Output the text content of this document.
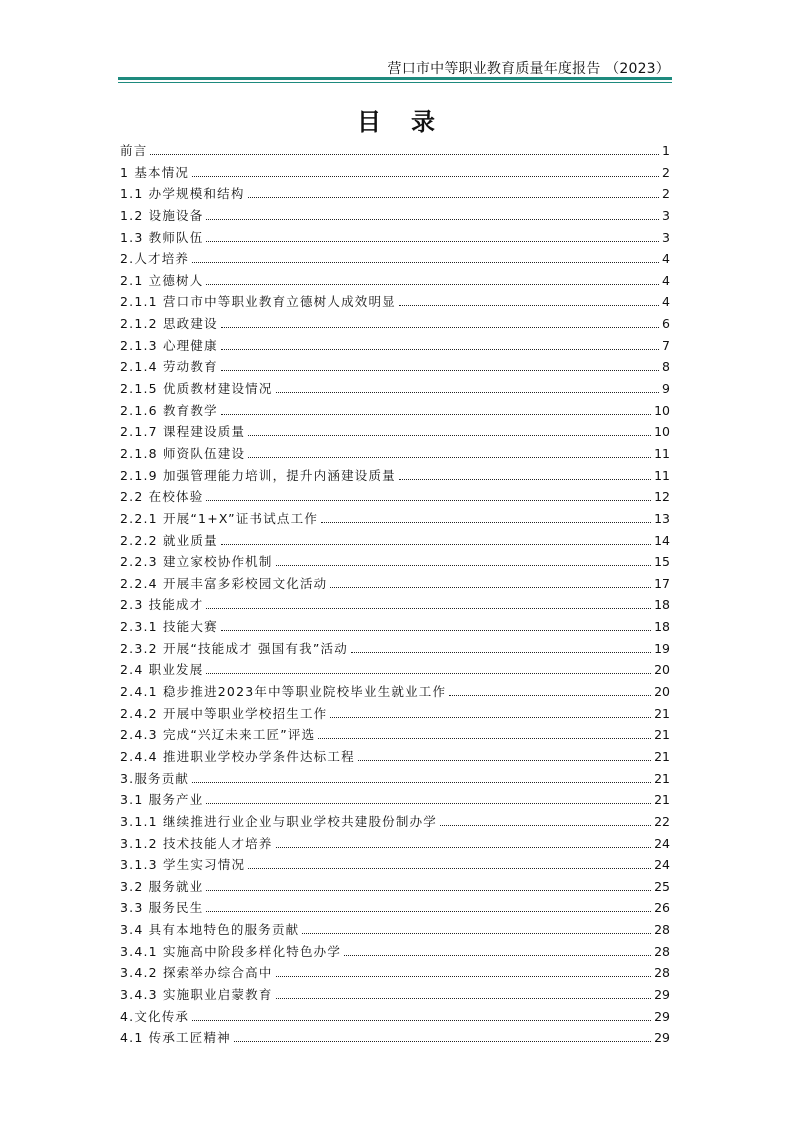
营口市中等职业教育质量年度报告 （2023）
目录
前言	1
1 基本情况	2
1.1 办学规模和结构	2
1.2 设施设备	3
1.3 教师队伍	3
2.人才培养	4
2.1 立德树人	4
2.1.1 营口市中等职业教育立德树人成效明显	4
2.1.2 思政建设	6
2.1.3 心理健康	7
2.1.4 劳动教育	8
2.1.5 优质教材建设情况	9
2.1.6 教育教学	10
2.1.7 课程建设质量	10
2.1.8 师资队伍建设	11
2.1.9 加强管理能力培训，提升内涵建设质量	11
2.2 在校体验	12
2.2.1 开展“1+X”证书试点工作	13
2.2.2 就业质量	14
2.2.3 建立家校协作机制	15
2.2.4 开展丰富多彩校园文化活动	17
2.3 技能成才	18
2.3.1 技能大赛	18
2.3.2 开展“技能成才 强国有我”活动	19
2.4 职业发展	20
2.4.1 稳步推进2023年中等职业院校毕业生就业工作	20
2.4.2 开展中等职业学校招生工作	21
2.4.3 完成“兴辽未来工匠”评选	21
2.4.4 推进职业学校办学条件达标工程	21
3.服务贡献	21
3.1 服务产业	21
3.1.1 继续推进行业企业与职业学校共建股份制办学	22
3.1.2 技术技能人才培养	24
3.1.3 学生实习情况	24
3.2 服务就业	25
3.3 服务民生	26
3.4 具有本地特色的服务贡献	28
3.4.1 实施高中阶段多样化特色办学	28
3.4.2 探索举办综合高中	28
3.4.3 实施职业启蒙教育	29
4.文化传承	29
4.1 传承工匠精神	29
